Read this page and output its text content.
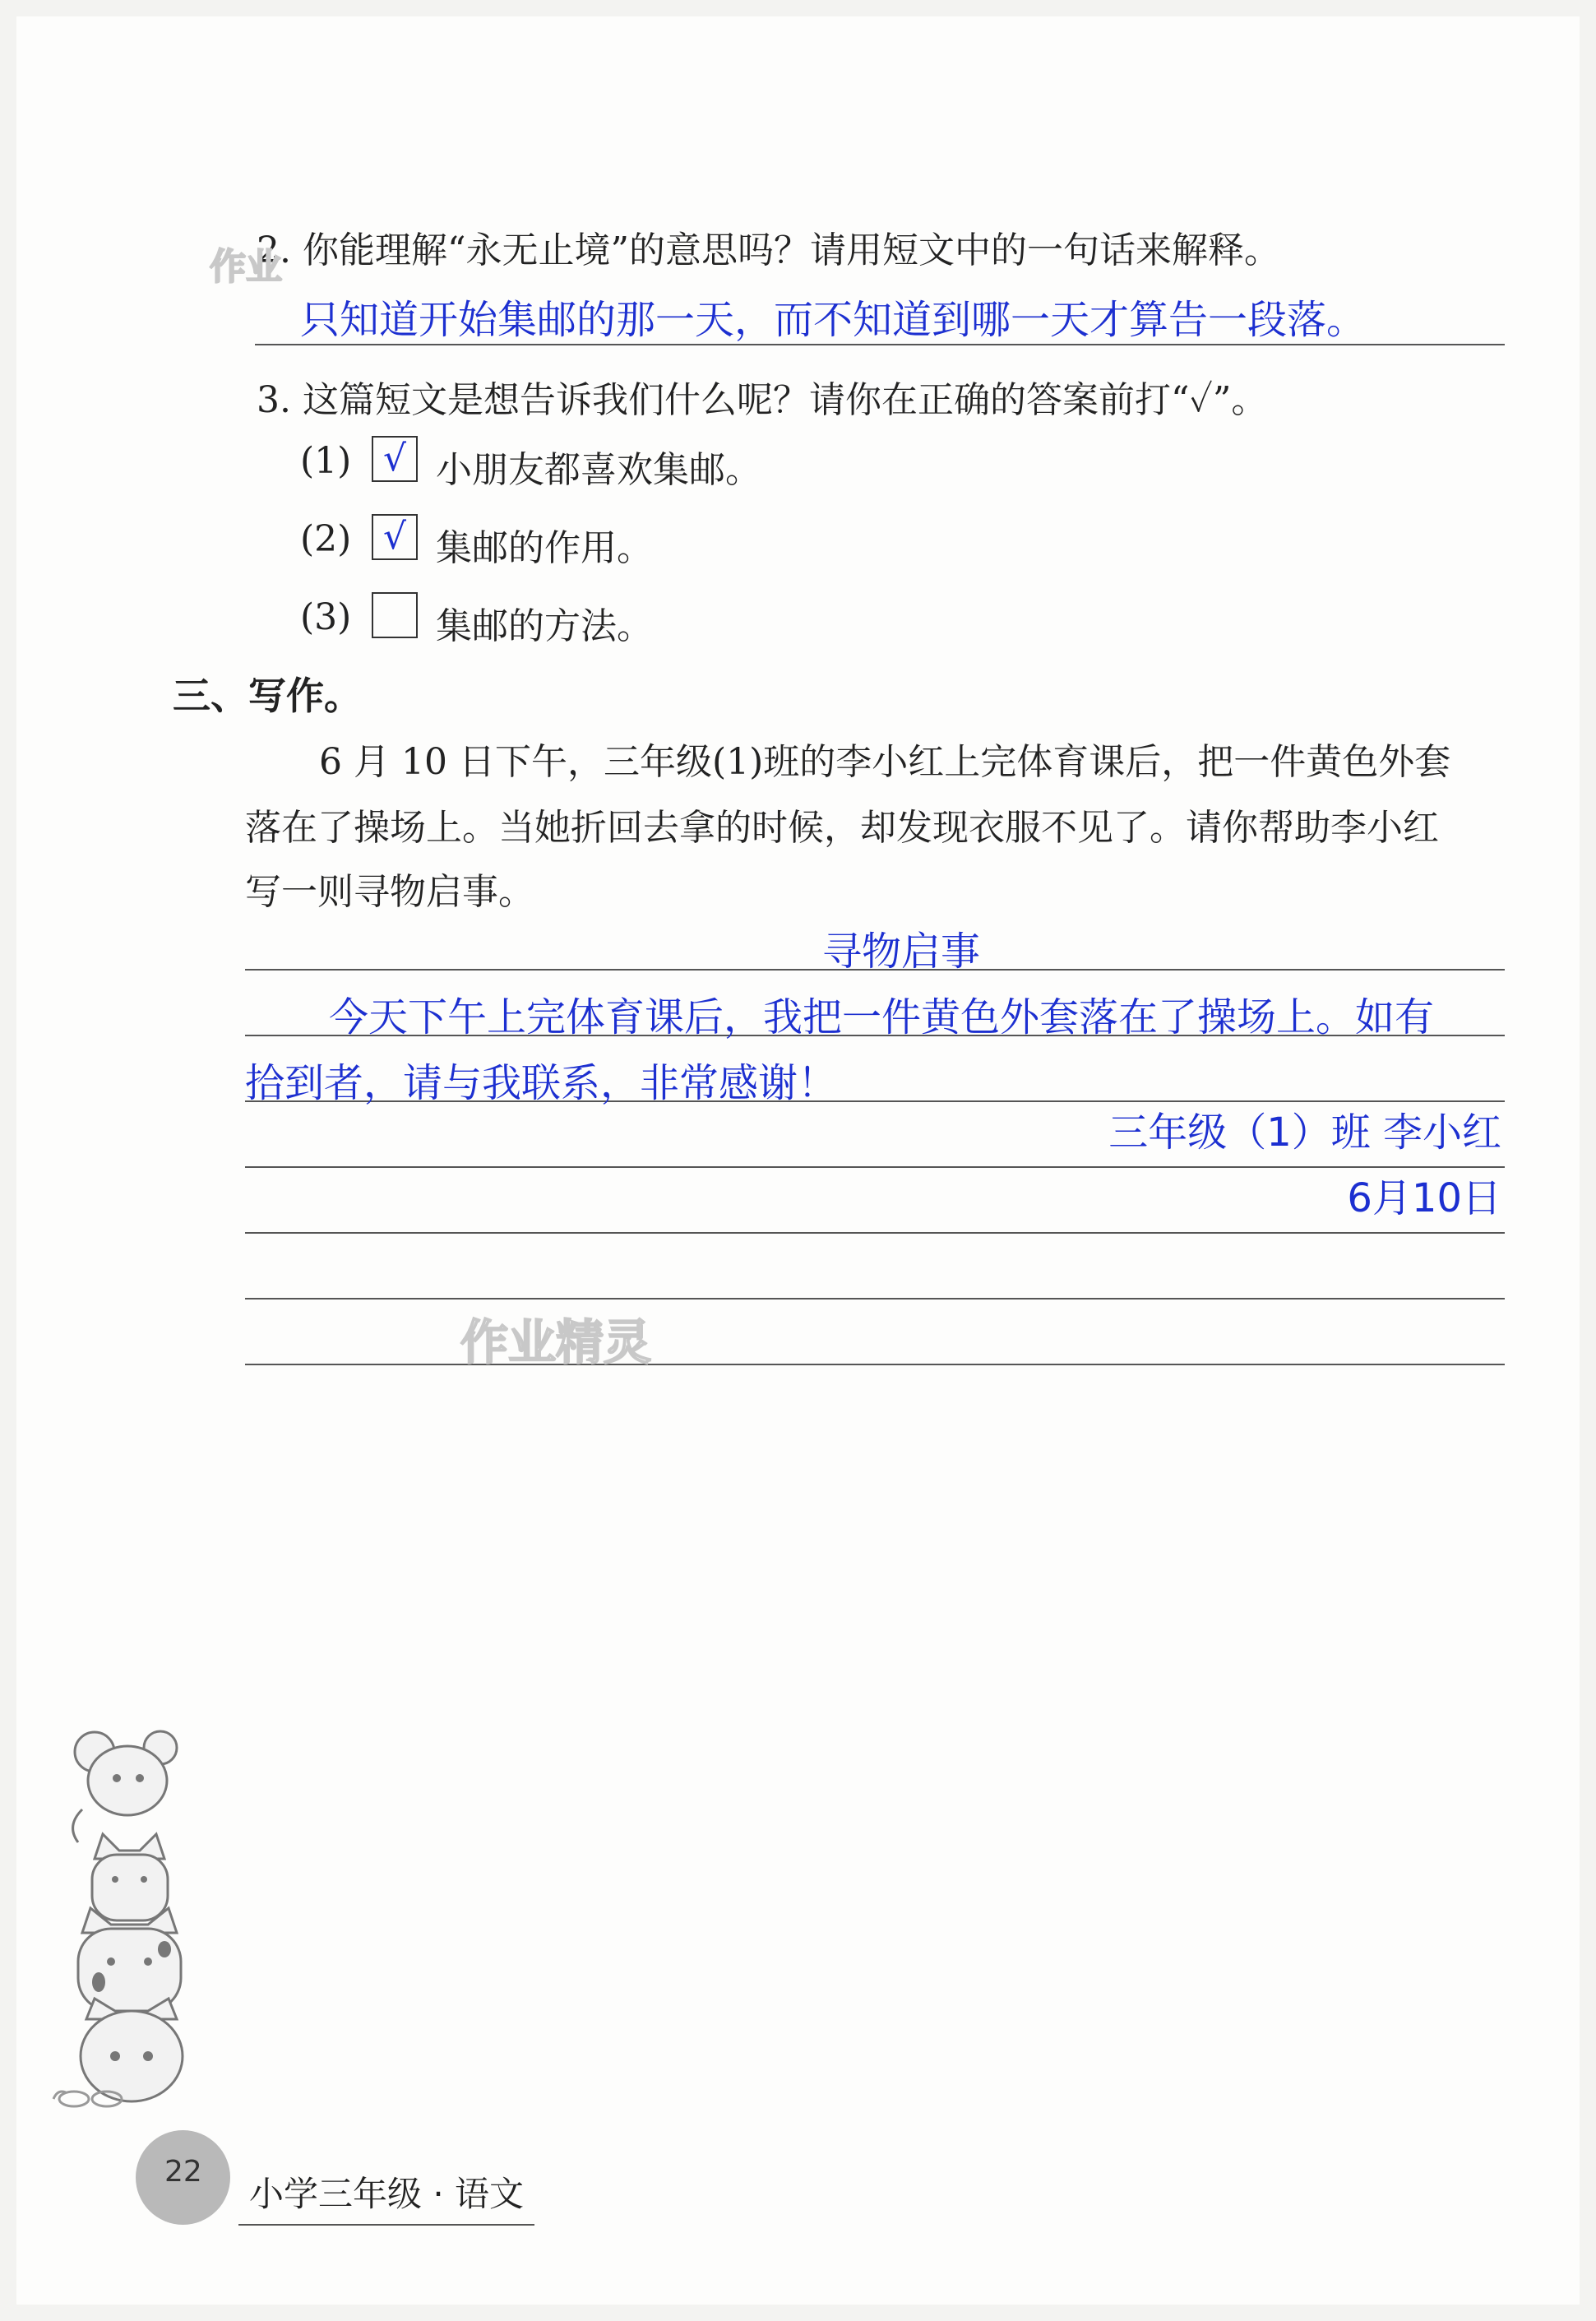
2. 你能理解“永无止境”的意思吗？请用短文中的一句话来解释。
作业
只知道开始集邮的那一天，而不知道到哪一天才算告一段落。
3. 这篇短文是想告诉我们什么呢？请你在正确的答案前打“✓”。
(1) √ 小朋友都喜欢集邮。
(2) √ 集邮的作用。
(3) 集邮的方法。
三、写作。
6 月 10 日下午，三年级(1)班的李小红上完体育课后，把一件黄色外套
落在了操场上。当她折回去拿的时候，却发现衣服不见了。请你帮助李小红
写一则寻物启事。
寻物启事
今天下午上完体育课后，我把一件黄色外套落在了操场上。如有
拾到者，请与我联系，非常感谢！
三年级（1）班 李小红
6月10日
作业精灵
22
小学三年级 · 语文
